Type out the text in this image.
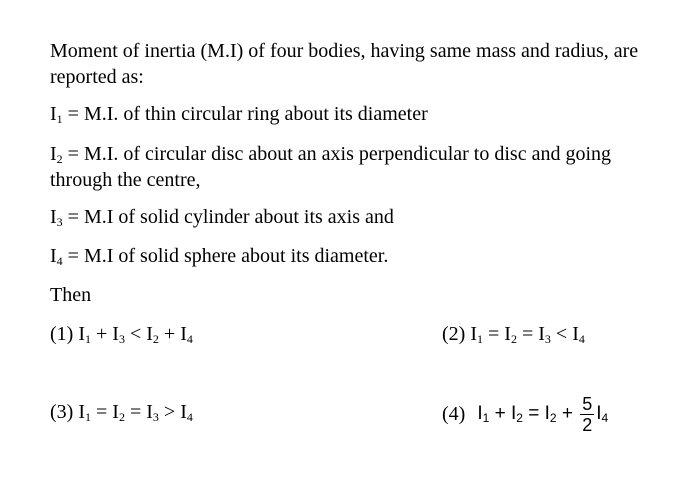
Moment of inertia (M.I) of four bodies, having same mass and radius, are reported as:

$I_1 = M.I$. of thin circular ring about its diameter

$I_2 = M.I$. of circular disc about an axis perpendicular to disc and going through the centre,

$I_3 = M.I$ of solid cylinder about its axis and

$I_4 = M.I$ of solid sphere about its diameter.

Then

(1) $I_1 + I_3 < I_2 + I_4$	(2) $I_1 = I_2 = I_3 < I_4$
(3) $I_1 = I_2 = I_3 > I_4$	(4) $I_1 + I_2 = I_2 + \frac{5}{2} I_4$
